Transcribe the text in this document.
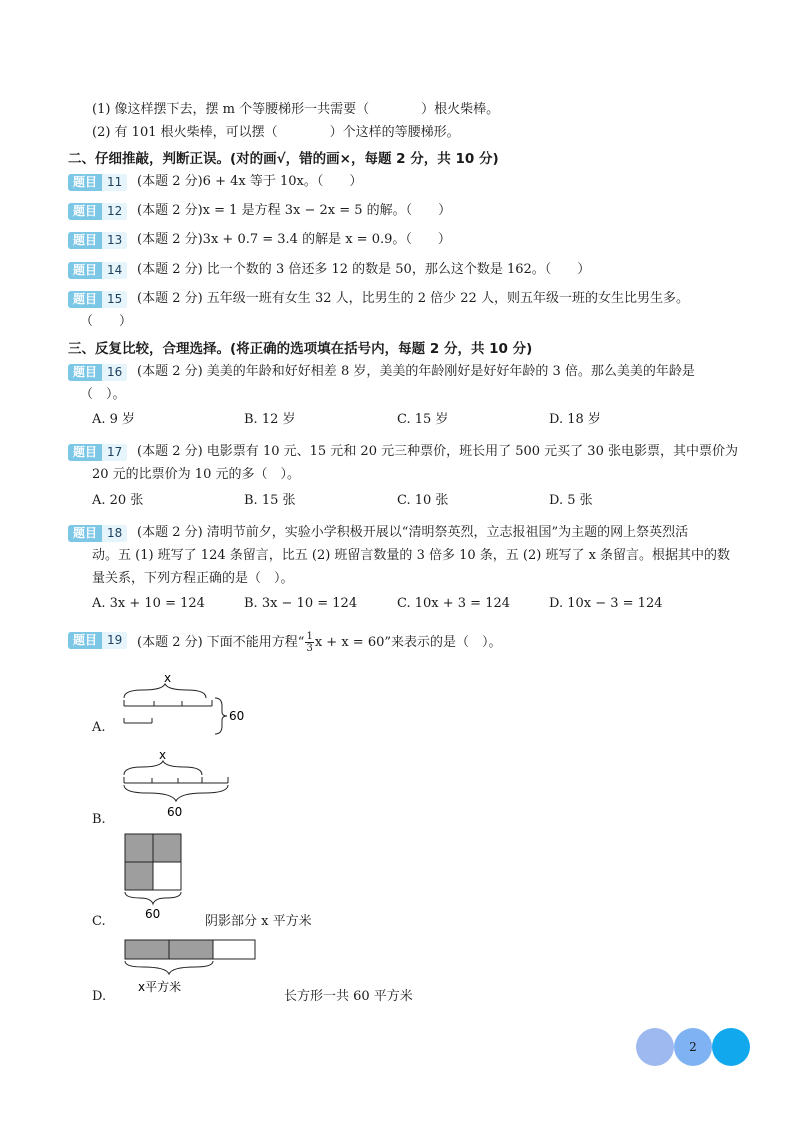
(1) 像这样摆下去，摆 m 个等腰梯形一共需要（　　　　）根火柴棒。
(2) 有 101 根火柴棒，可以摆（　　　　）个这样的等腰梯形。
二、仔细推敲，判断正误。(对的画√，错的画×，每题 2 分，共 10 分)
题目 11	(本题 2 分)6 + 4x 等于 10x。（　　）
题目 12	(本题 2 分)x = 1 是方程 3x − 2x = 5 的解。（　　）
题目 13	(本题 2 分)3x + 0.7 = 3.4 的解是 x = 0.9。（　　）
题目 14	(本题 2 分) 比一个数的 3 倍还多 12 的数是 50，那么这个数是 162。（　　）
题目 15	(本题 2 分) 五年级一班有女生 32 人，比男生的 2 倍少 22 人，则五年级一班的女生比男生多。
（　　）
三、反复比较，合理选择。(将正确的选项填在括号内，每题 2 分，共 10 分)
题目 16	(本题 2 分) 美美的年龄和好好相差 8 岁，美美的年龄刚好是好好年龄的 3 倍。那么美美的年龄是
（　）。
A. 9 岁	B. 12 岁	C. 15 岁	D. 18 岁
题目 17	(本题 2 分) 电影票有 10 元、15 元和 20 元三种票价，班长用了 500 元买了 30 张电影票，其中票价为
20 元的比票价为 10 元的多（　）。
A. 20 张	B. 15 张	C. 10 张	D. 5 张
题目 18	(本题 2 分) 清明节前夕，实验小学积极开展以“清明祭英烈，立志报祖国”为主题的网上祭英烈活
动。五 (1) 班写了 124 条留言，比五 (2) 班留言数量的 3 倍多 10 条，五 (2) 班写了 x 条留言。根据其中的数
量关系，下列方程正确的是（　）。
A. 3x + 10 = 124	B. 3x − 10 = 124	C. 10x + 3 = 124	D. 10x − 3 = 124
题目 19	(本题 2 分) 下面不能用方程“ $\frac{1}{3}$ x + x = 60”来表示的是（　）。
A.
x
60
B.
x
60
C.	60	阴影部分 x 平方米
D.
x平方米
长方形一共 60 平方米
2
